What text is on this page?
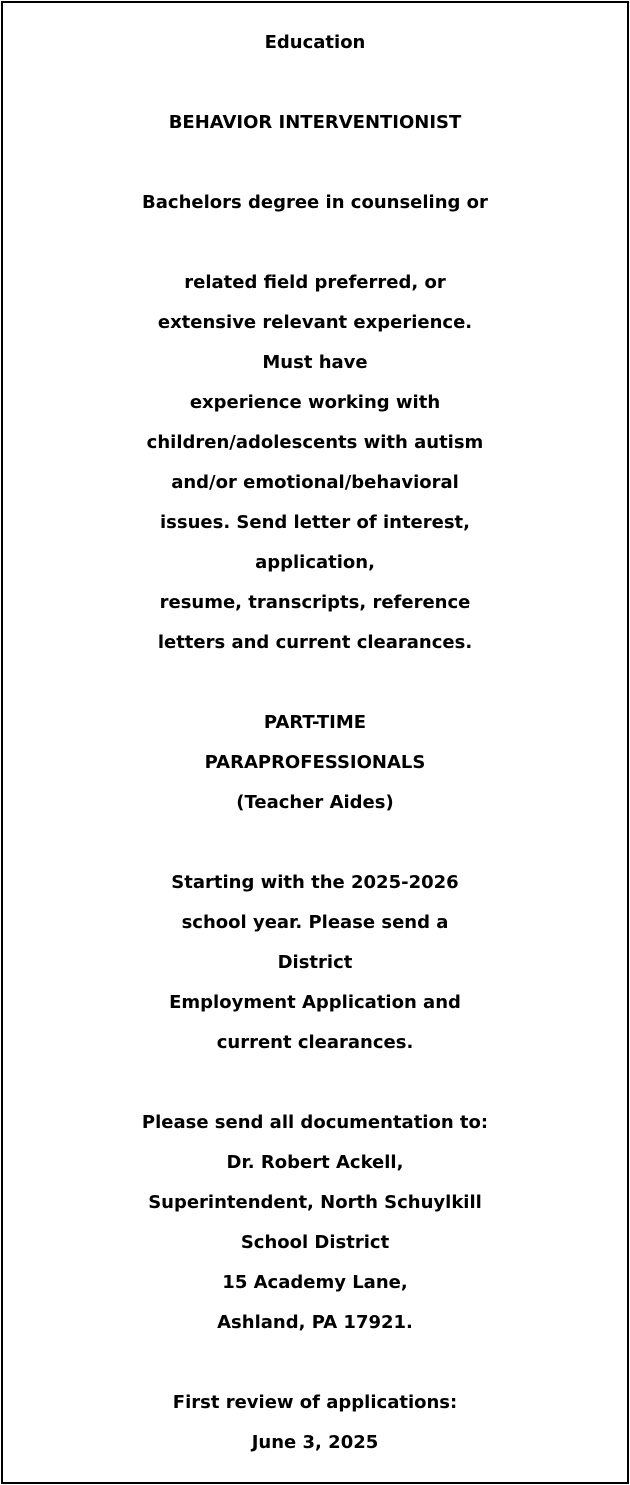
Education
BEHAVIOR INTERVENTIONIST
Bachelors degree in counseling or
related field preferred, or
extensive relevant experience.
Must have
experience working with
children/adolescents with autism
and/or emotional/behavioral
issues. Send letter of interest,
application,
resume, transcripts, reference
letters and current clearances.
PART-TIME
PARAPROFESSIONALS
(Teacher Aides)
Starting with the 2025-2026
school year. Please send a
District
Employment Application and
current clearances.
Please send all documentation to:
Dr. Robert Ackell,
Superintendent, North Schuylkill
School District
15 Academy Lane,
Ashland, PA 17921.
First review of applications:
June 3, 2025
